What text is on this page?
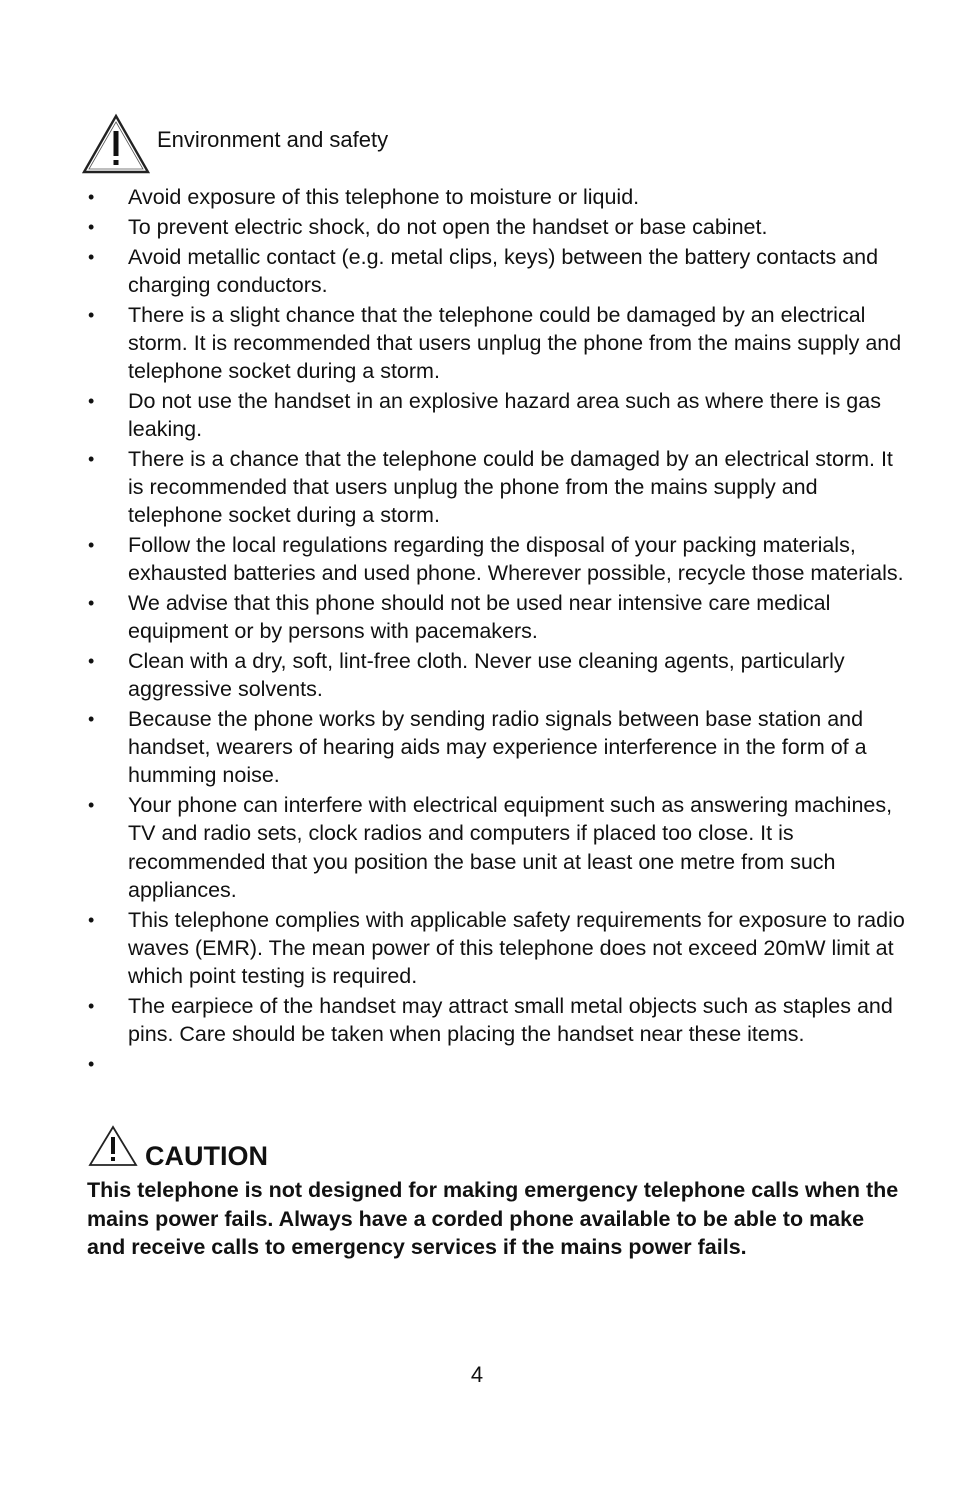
Environment and safety
• Avoid exposure of this telephone to moisture or liquid.
• To prevent electric shock, do not open the handset or base cabinet.
• Avoid metallic contact (e.g. metal clips, keys) between the battery contacts and charging conductors.
• There is a slight chance that the telephone could be damaged by an electrical storm. It is recommended that users unplug the phone from the mains supply and telephone socket during a storm.
• Do not use the handset in an explosive hazard area such as where there is gas leaking.
• There is a chance that the telephone could be damaged by an electrical storm. It is recommended that users unplug the phone from the mains supply and telephone socket during a storm.
• Follow the local regulations regarding the disposal of your packing materials, exhausted batteries and used phone. Wherever possible, recycle those materials.
• We advise that this phone should not be used near intensive care medical equipment or by persons with pacemakers.
• Clean with a dry, soft, lint-free cloth. Never use cleaning agents, particularly aggressive solvents.
• Because the phone works by sending radio signals between base station and handset, wearers of hearing aids may experience interference in the form of a humming noise.
• Your phone can interfere with electrical equipment such as answering machines, TV and radio sets, clock radios and computers if placed too close. It is recommended that you position the base unit at least one metre from such appliances.
• This telephone complies with applicable safety requirements for exposure to radio waves (EMR). The mean power of this telephone does not exceed 20mW limit at which point testing is required.
• The earpiece of the handset may attract small metal objects such as staples and pins. Care should be taken when placing the handset near these items.
•
CAUTION

This telephone is not designed for making emergency telephone calls when the mains power fails. Always have a corded phone available to be able to make and receive calls to emergency services if the mains power fails.

4
